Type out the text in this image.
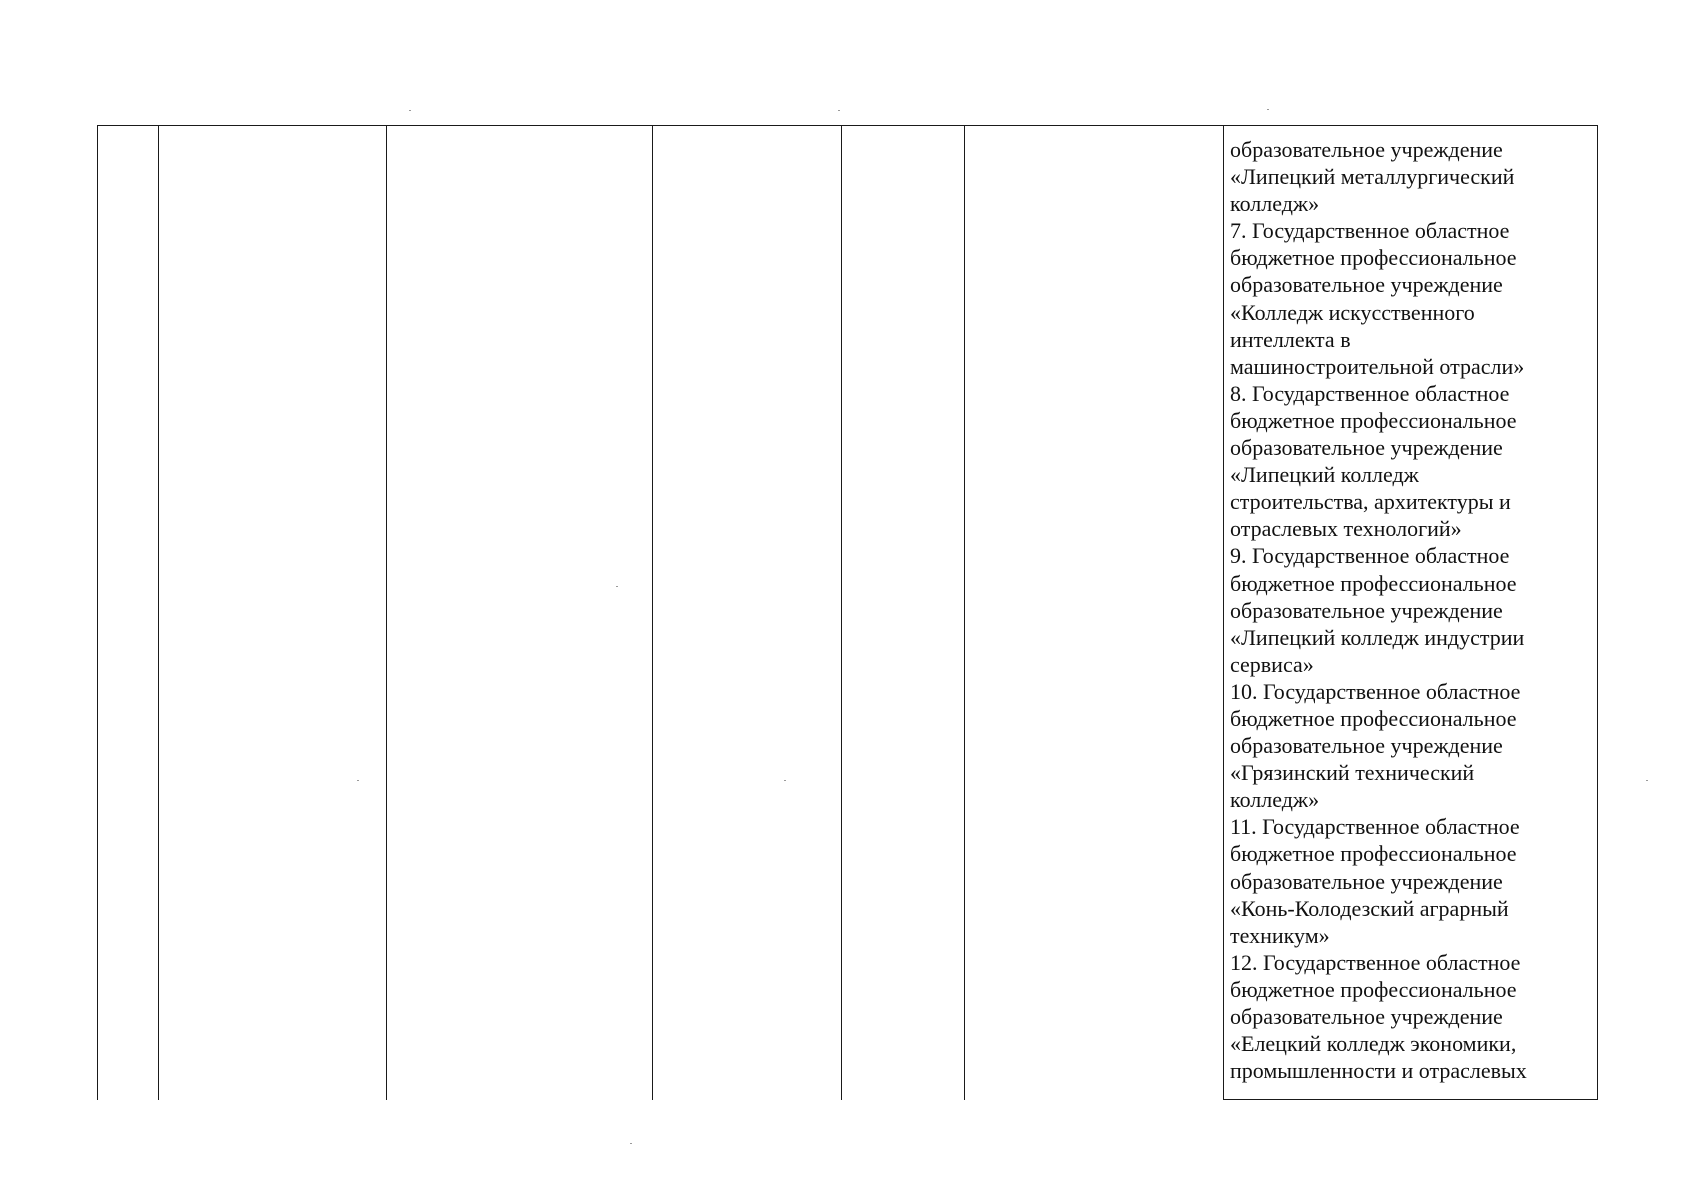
образовательное учреждение
«Липецкий металлургический
колледж»
7. Государственное областное
бюджетное профессиональное
образовательное учреждение
«Колледж искусственного
интеллекта в
машиностроительной отрасли»
8. Государственное областное
бюджетное профессиональное
образовательное учреждение
«Липецкий колледж
строительства, архитектуры и
отраслевых технологий»
9. Государственное областное
бюджетное профессиональное
образовательное учреждение
«Липецкий колледж индустрии
сервиса»
10. Государственное областное
бюджетное профессиональное
образовательное учреждение
«Грязинский технический
колледж»
11. Государственное областное
бюджетное профессиональное
образовательное учреждение
«Конь-Колодезский аграрный
техникум»
12. Государственное областное
бюджетное профессиональное
образовательное учреждение
«Елецкий колледж экономики,
промышленности и отраслевых
